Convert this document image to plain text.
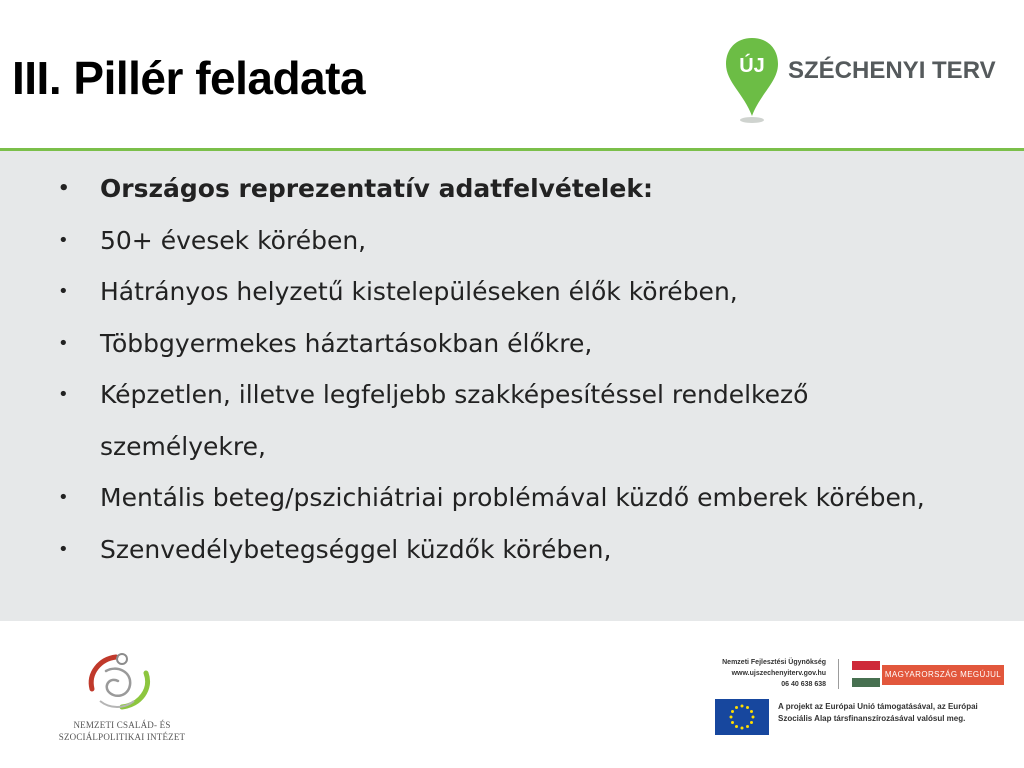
III. Pillér feladata	ÚJ SZÉCHENYI TERV
• Országos reprezentatív adatfelvételek:
• 50+ évesek körében,
• Hátrányos helyzetű kistelepüléseken élők körében,
• Többgyermekes háztartásokban élőkre,
• Képzetlen, illetve legfeljebb szakképesítéssel rendelkező személyekre,
• Mentális beteg/pszichiátriai problémával küzdő emberek körében,
• Szenvedélybetegséggel küzdők körében,
NEMZETI CSALÁD- ÉS
SZOCIÁLPOLITIKAI INTÉZET
Nemzeti Fejlesztési Ügynökség
www.ujszechenyiterv.gov.hu
06 40 638 638
MAGYARORSZÁG MEGÚJUL
A projekt az Európai Unió támogatásával, az Európai
Szociális Alap társfinanszírozásával valósul meg.
